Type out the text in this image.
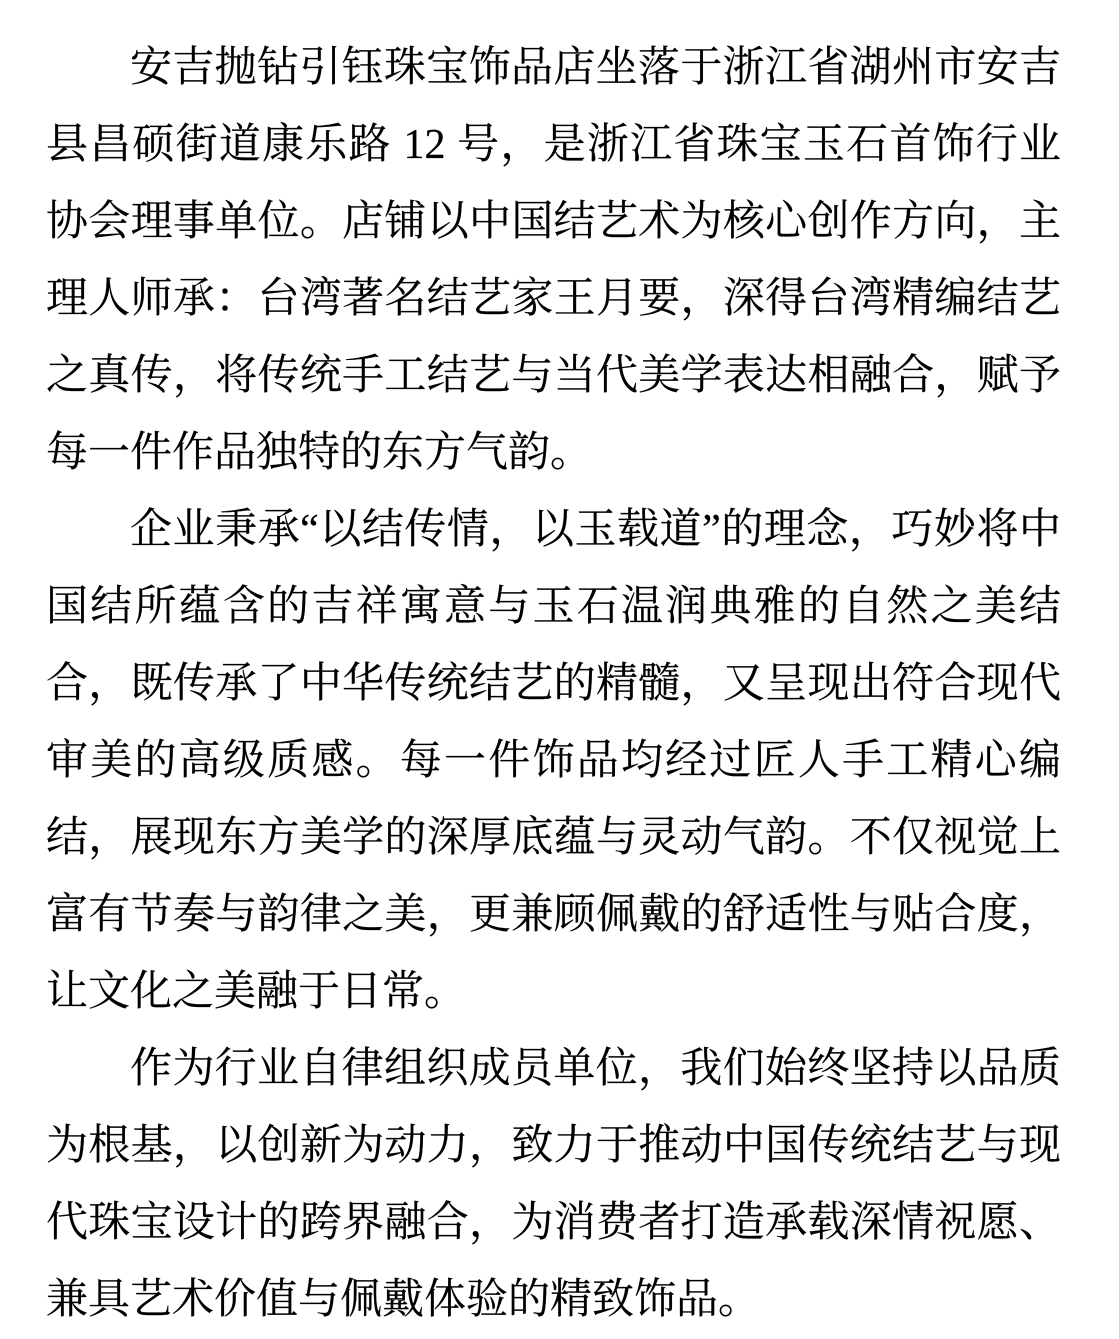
安吉抛钻引钰珠宝饰品店坐落于浙江省湖州市安吉县昌硕街道康乐路 12 号，是浙江省珠宝玉石首饰行业协会理事单位。店铺以中国结艺术为核心创作方向，主理人师承：台湾著名结艺家王月要，深得台湾精编结艺之真传，将传统手工结艺与当代美学表达相融合，赋予每一件作品独特的东方气韵。

企业秉承“以结传情，以玉载道”的理念，巧妙将中国结所蕴含的吉祥寓意与玉石温润典雅的自然之美结合，既传承了中华传统结艺的精髓，又呈现出符合现代审美的高级质感。每一件饰品均经过匠人手工精心编结，展现东方美学的深厚底蕴与灵动气韵。不仅视觉上富有节奏与韵律之美，更兼顾佩戴的舒适性与贴合度，让文化之美融于日常。

作为行业自律组织成员单位，我们始终坚持以品质为根基，以创新为动力，致力于推动中国传统结艺与现代珠宝设计的跨界融合，为消费者打造承载深情祝愿、兼具艺术价值与佩戴体验的精致饰品。
